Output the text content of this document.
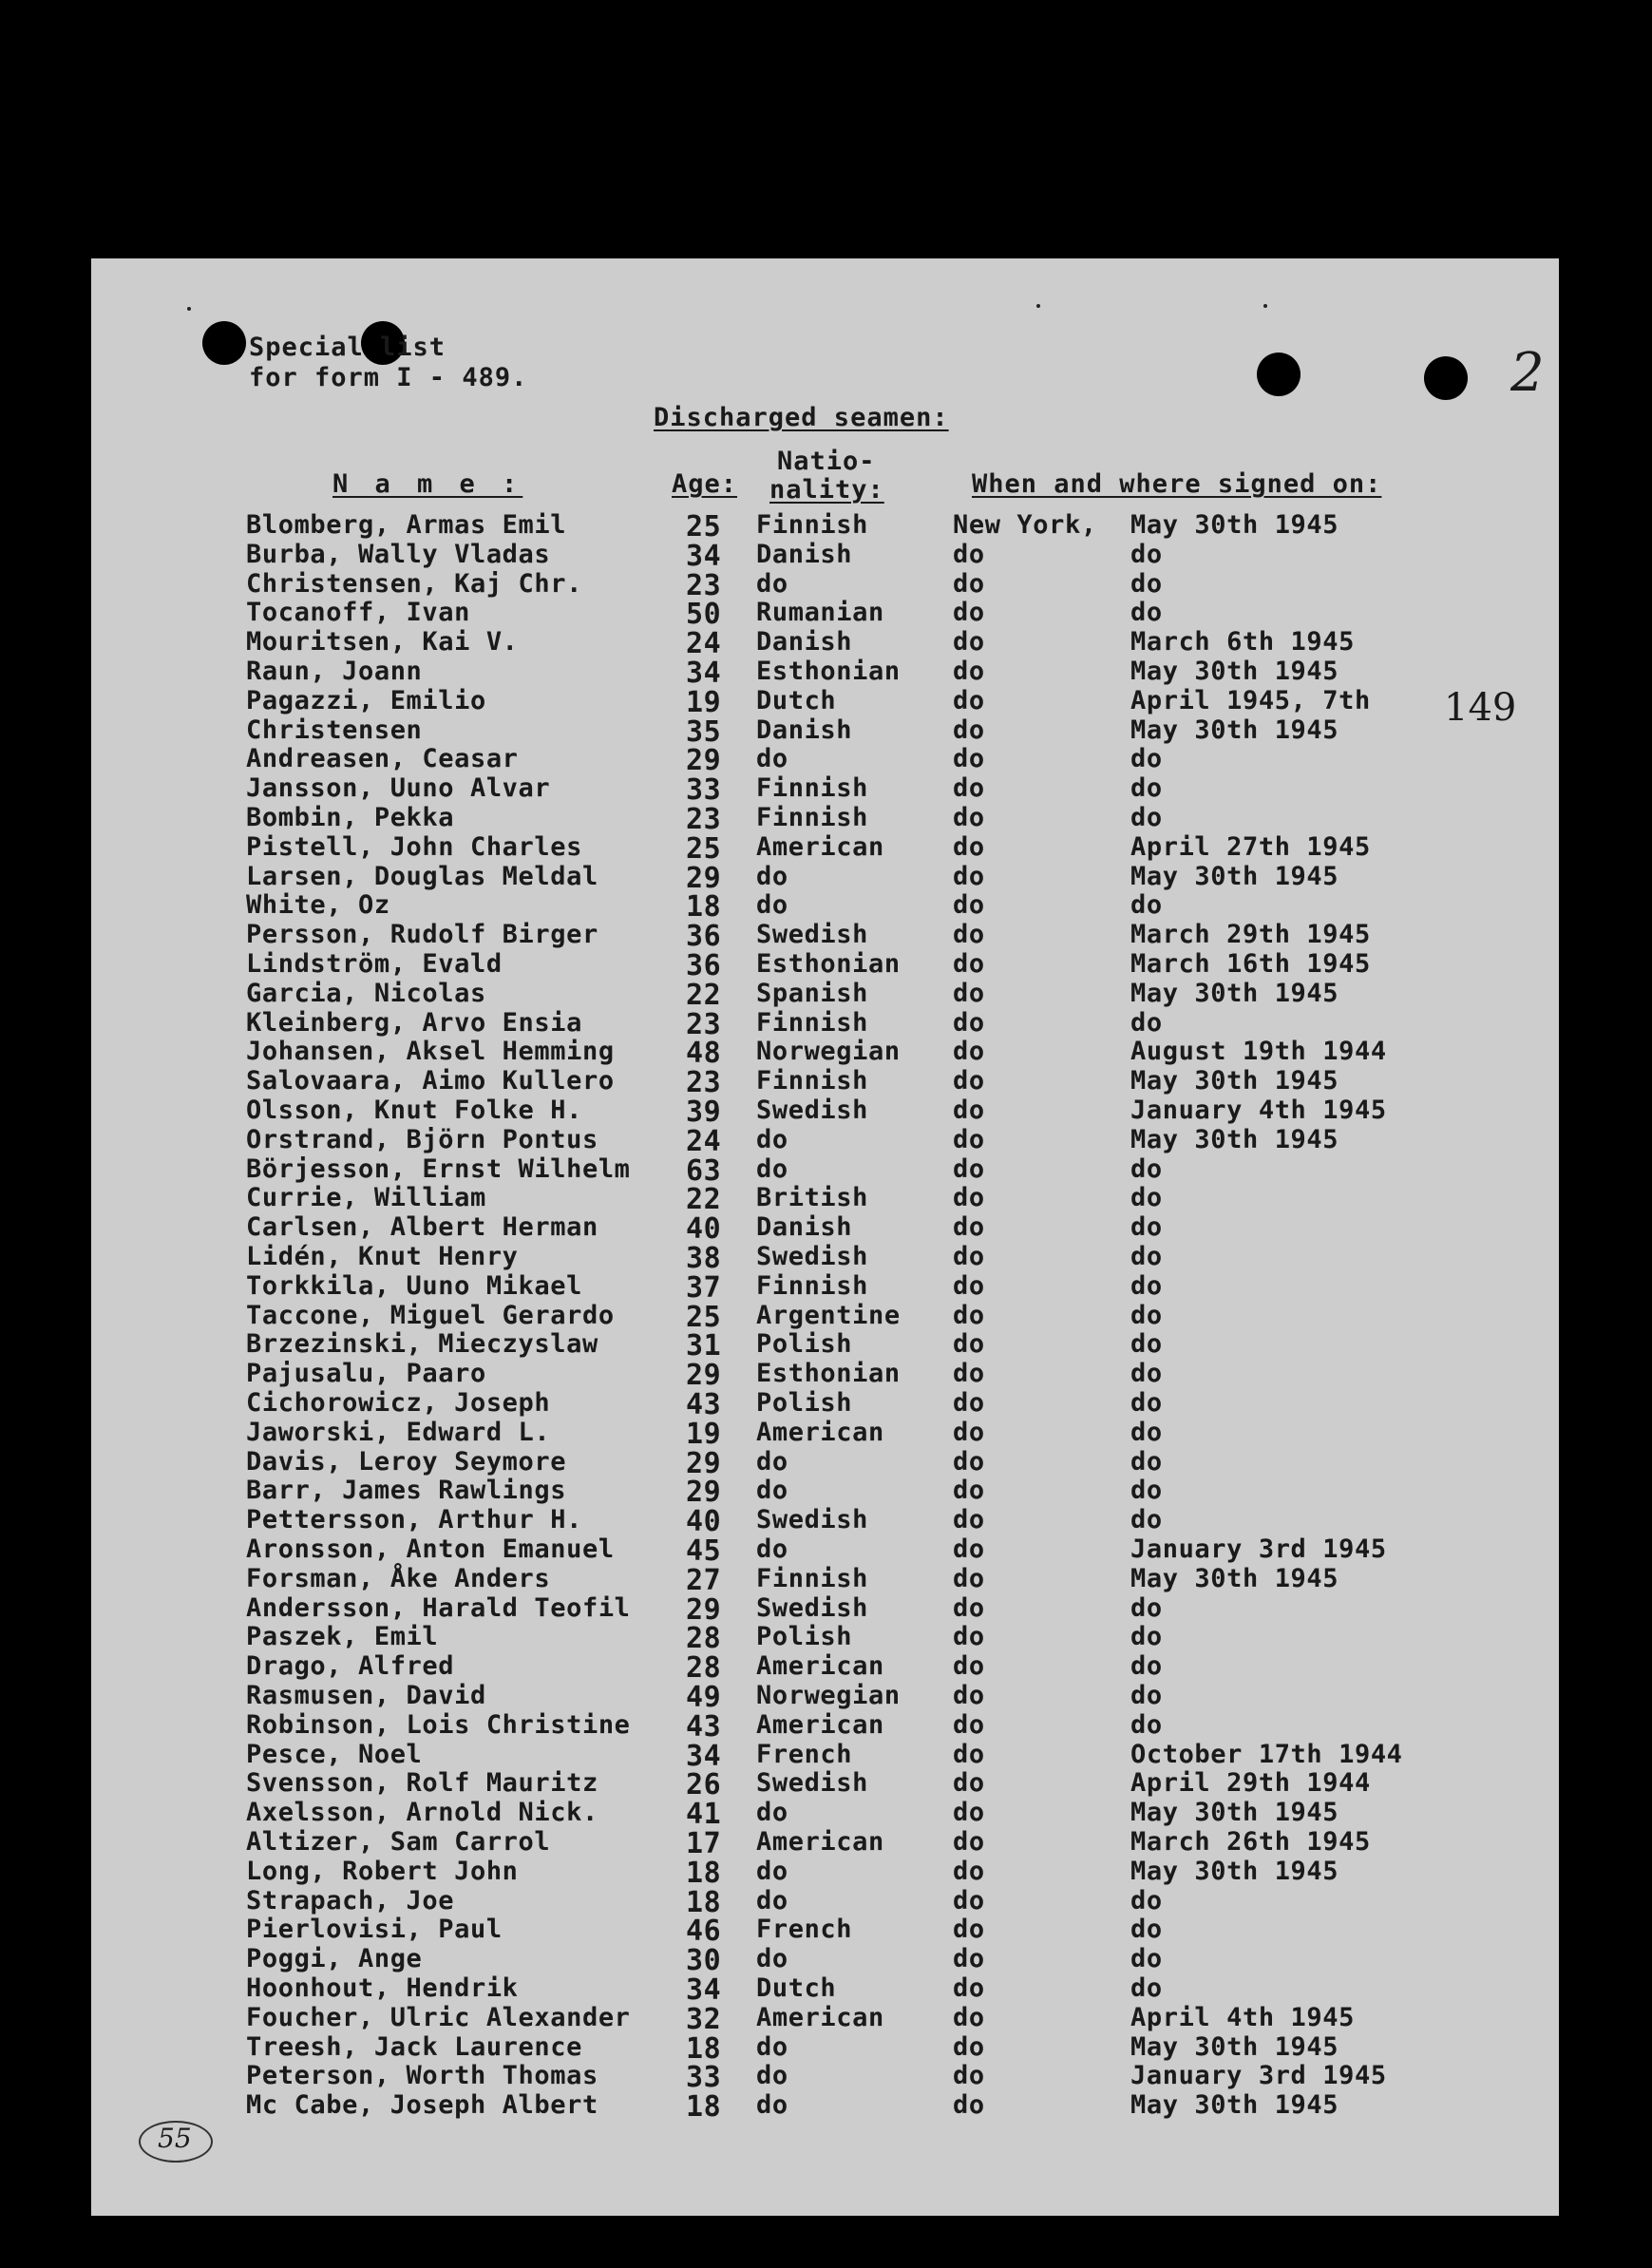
Special list
for form I - 489.	2
Discharged seamen:
149
55
N a m e :	Age:
Natio-
nality:	When and where signed on:
Blomberg, Armas Emil	25 Finnish	New York, May 30th 1945
Burba, Wally Vladas	34 Danish	do	do
Christensen, Kaj Chr.	23 do	do	do
Tocanoff, Ivan	50 Rumanian	do	do
Mouritsen, Kai V.	24 Danish	do	March 6th 1945
Raun, Joann	34 Esthonian do	May 30th 1945
Pagazzi, Emilio	19 Dutch	do	April 1945, 7th
Christensen	35 Danish	do	May 30th 1945
Andreasen, Ceasar	29 do	do	do
Jansson, Uuno Alvar	33 Finnish	do	do
Bombin, Pekka	23 Finnish	do	do
Pistell, John Charles	25 American	do	April 27th 1945
Larsen, Douglas Meldal	29 do	do	May 30th 1945
White, Oz	18 do	do	do
Persson, Rudolf Birger	36 Swedish	do	March 29th 1945
Lindström, Evald	36 Esthonian do	March 16th 1945
Garcia, Nicolas	22 Spanish	do	May 30th 1945
Kleinberg, Arvo Ensia	23 Finnish	do	do
Johansen, Aksel Hemming	48 Norwegian do	August 19th 1944
Salovaara, Aimo Kullero	23 Finnish	do	May 30th 1945
Olsson, Knut Folke H.	39 Swedish	do	January 4th 1945
Orstrand, Björn Pontus	24 do	do	May 30th 1945
Börjesson, Ernst Wilhelm 63 do	do	do
Currie, William	22 British	do	do
Carlsen, Albert Herman	40 Danish	do	do
Lidén, Knut Henry	38 Swedish	do	do
Torkkila, Uuno Mikael	37 Finnish	do	do
Taccone, Miguel Gerardo	25 Argentine do	do
Brzezinski, Mieczyslaw	31 Polish	do	do
Pajusalu, Paaro	29 Esthonian do	do
Cichorowicz, Joseph	43 Polish	do	do
Jaworski, Edward L.	19 American	do	do
Davis, Leroy Seymore	29 do	do	do
Barr, James Rawlings	29 do	do	do
Pettersson, Arthur H.	40 Swedish	do	do
Aronsson, Anton Emanuel	45 do	do	January 3rd 1945
Forsman, Åke Anders	27 Finnish	do	May 30th 1945
Andersson, Harald Teofil 29 Swedish	do	do
Paszek, Emil	28 Polish	do	do
Drago, Alfred	28 American	do	do
Rasmusen, David	49 Norwegian do	do
Robinson, Lois Christine 43 American	do	do
Pesce, Noel	34 French	do	October 17th 1944
Svensson, Rolf Mauritz	26 Swedish	do	April 29th 1944
Axelsson, Arnold Nick.	41 do	do	May 30th 1945
Altizer, Sam Carrol	17 American	do	March 26th 1945
Long, Robert John	18 do	do	May 30th 1945
Strapach, Joe	18 do	do	do
Pierlovisi, Paul	46 French	do	do
Poggi, Ange	30 do	do	do
Hoonhout, Hendrik	34 Dutch	do	do
Foucher, Ulric Alexander 32 American	do	April 4th 1945
Treesh, Jack Laurence	18 do	do	May 30th 1945
Peterson, Worth Thomas	33 do	do	January 3rd 1945
Mc Cabe, Joseph Albert	18 do	do	May 30th 1945
